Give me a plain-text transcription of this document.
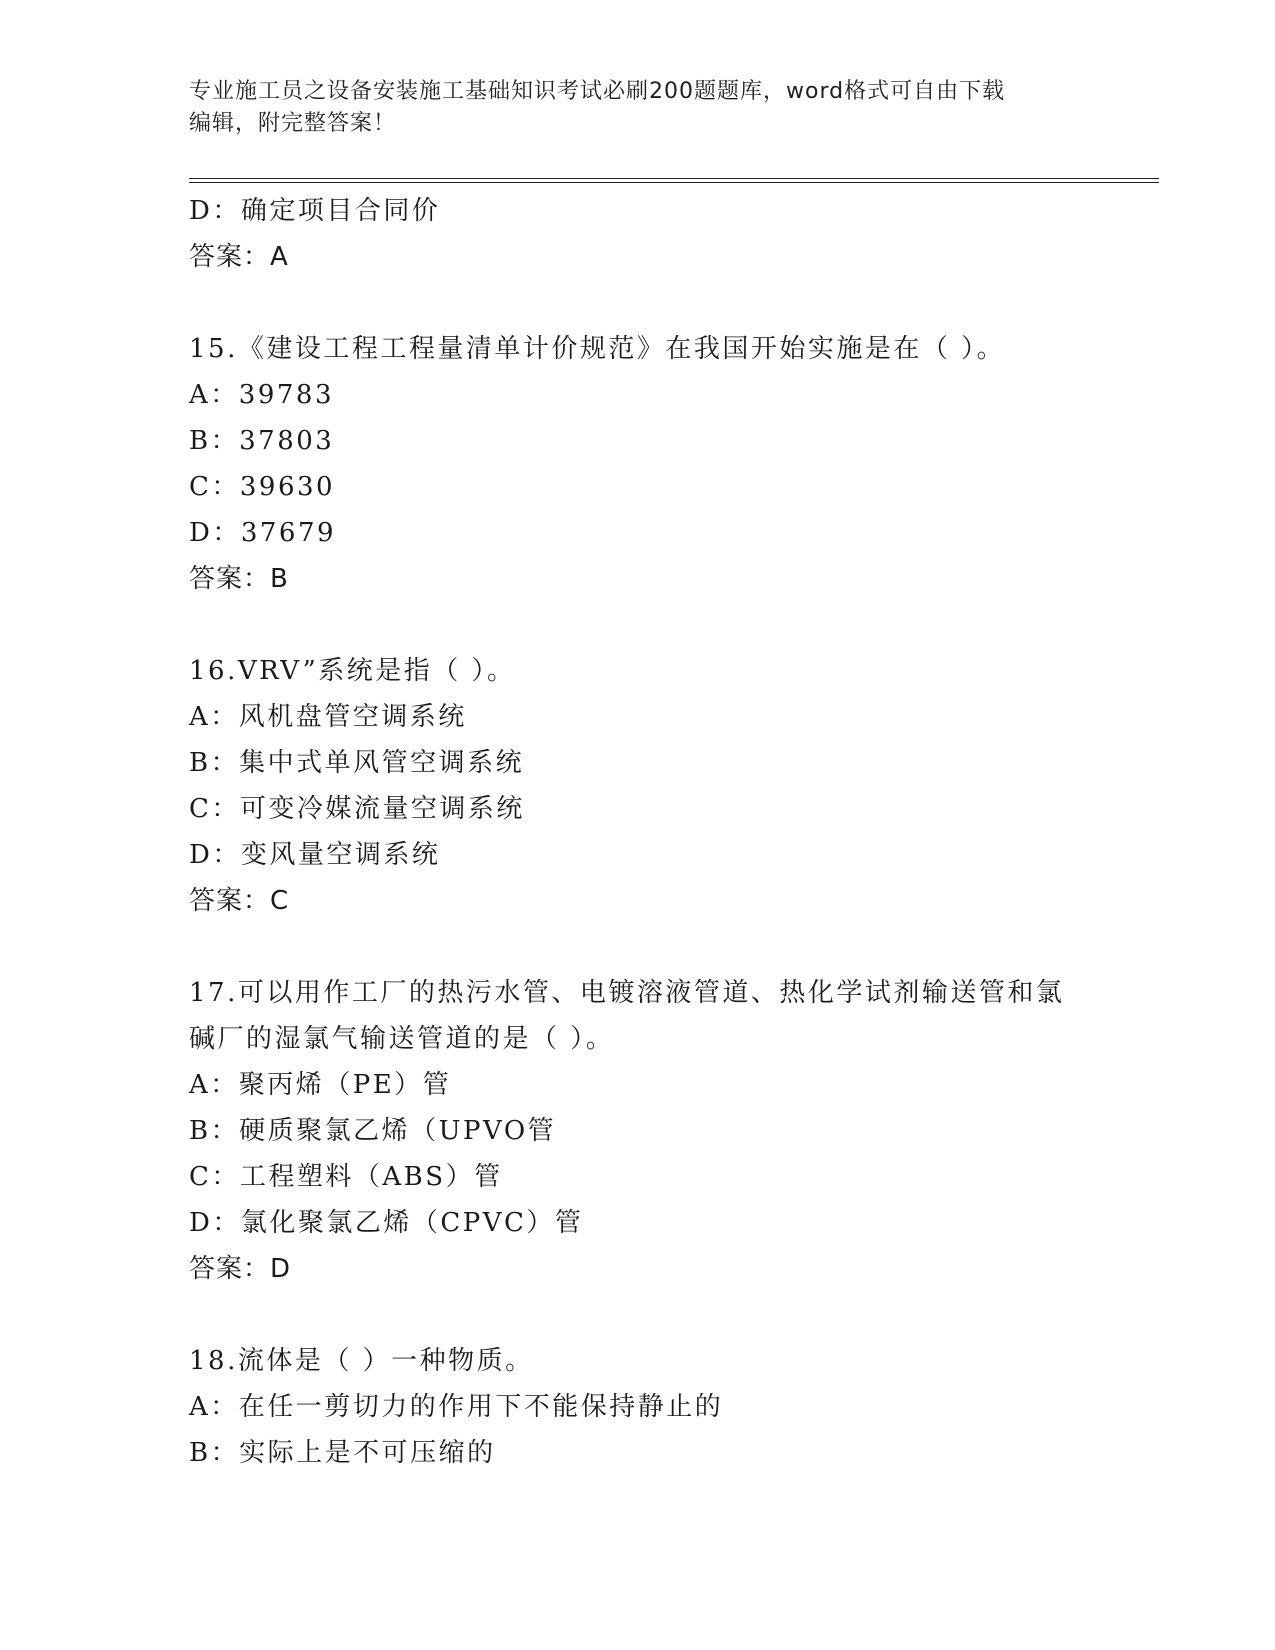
专业施工员之设备安装施工基础知识考试必刷200题题库，word格式可自由下载
编辑，附完整答案！
D：确定项目合同价
答案：A
15.《建设工程工程量清单计价规范》在我国开始实施是在（ ）。
A：39783
B：37803
C：39630
D：37679
答案：B
16.VRV”系统是指（ ）。
A：风机盘管空调系统
B：集中式单风管空调系统
C：可变冷媒流量空调系统
D：变风量空调系统
答案：C
17.可以用作工厂的热污水管、电镀溶液管道、热化学试剂输送管和氯
碱厂的湿氯气输送管道的是（ ）。
A：聚丙烯（PE）管
B：硬质聚氯乙烯（UPVO管
C：工程塑料（ABS）管
D：氯化聚氯乙烯（CPVC）管
答案：D
18.流体是（ ）一种物质。
A：在任一剪切力的作用下不能保持静止的
B：实际上是不可压缩的
